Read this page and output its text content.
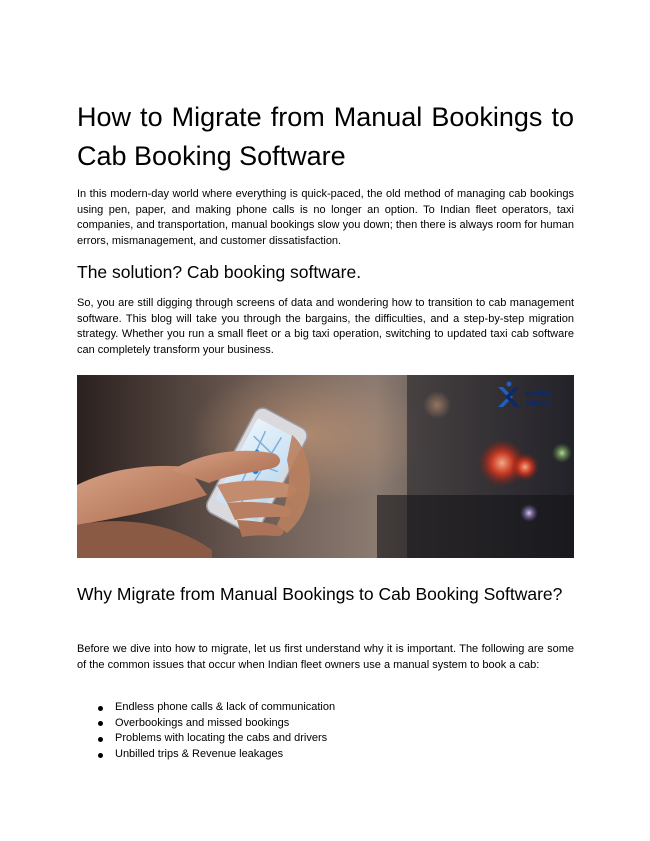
How to Migrate from Manual Bookings to Cab Booking Software

In this modern-day world where everything is quick-paced, the old method of managing cab bookings using pen, paper, and making phone calls is no longer an option. To Indian fleet operators, taxi companies, and transportation, manual bookings slow you down; then there is always room for human errors, mismanagement, and customer dissatisfaction.

The solution? Cab booking software.

So, you are still digging through screens of data and wondering how to transition to cab management software. This blog will take you through the bargains, the difficulties, and a step-by-step migration strategy. Whether you run a small fleet or a big taxi operation, switching to updated taxi cab software can completely transform your business.

Mobility
Infotech.
Why Migrate from Manual Bookings to Cab Booking Software?

Before we dive into how to migrate, let us first understand why it is important. The following are some of the common issues that occur when Indian fleet owners use a manual system to book a cab:

Endless phone calls & lack of communication
Overbookings and missed bookings
Problems with locating the cabs and drivers
Unbilled trips & Revenue leakages
